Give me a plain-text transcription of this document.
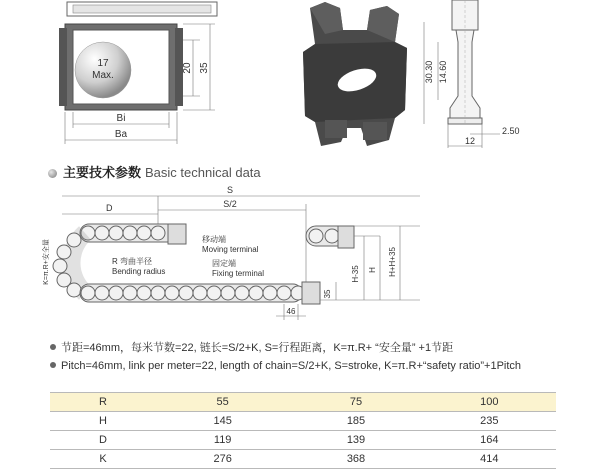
17
Max.
20 35
Bi
Ba
30.30 14.60
2.50
12
主要技术参数 Basic technical data
S
S/2
D
K=π.R+安全量	R 弯曲半径
Bending radius
移动端
Moving terminal
固定端
Fixing terminal
35
H-35 H H+H+35
46
节距=46mm，每米节数=22, 链长=S/2+K, S=行程距离，K=π.R+ “安全量” +1节距
Pitch=46mm, link per meter=22, length of chain=S/2+K, S=stroke, K=π.R+“safety ratio”+1Pitch
R	55	75	100
H	145	185	235
D	119	139	164
K	276	368	414
